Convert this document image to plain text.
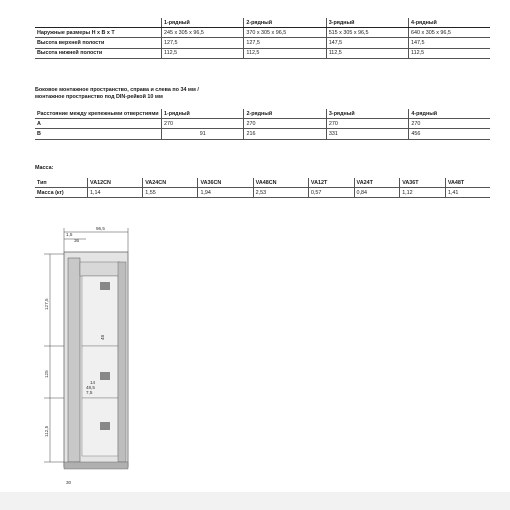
	1-рядный	2-рядный	3-рядный	4-рядный
Наружные размеры Н х В х Т	245 x 305 x 96,5	370 x 305 x 96,5	515 x 305 x 96,5	640 x 305 x 96,5
Высота верхней полости	127,5	127,5	147,5	147,5
Высота нижней полости	112,5	112,5	112,5	112,5
Боковое монтажное пространство, справа и слева по 34 мм /
монтажное пространство под DIN-рейкой 10 мм
Расстояние между крепежными отверстиями	1-рядный	2-рядный	3-рядный	4-рядный
A	270	270	270	270
B	91	216	331	456
Масса:
Тип	VA12CN	VA24CN	VA36CN	VA48CN	VA12T	VA24T	VA36T	VA48T
Масса (кг)	1,14	1,55	1,94	2,53	0,57	0,84	1,12	1,41
96,5
1,5
36
127,5
125
112,5
48
48,5
14
7,5
30
